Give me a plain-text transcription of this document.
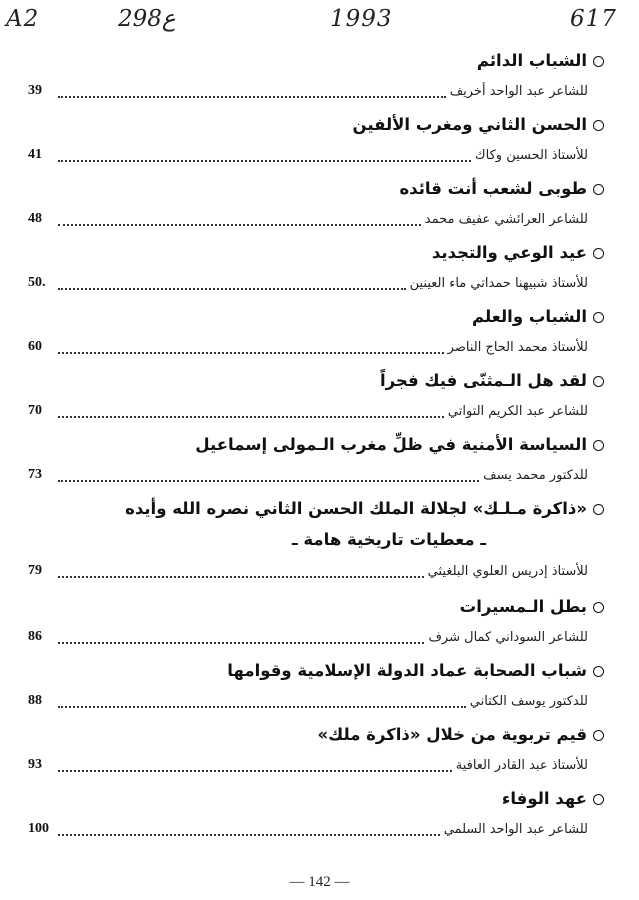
A2	298ع	1993	617
الشباب الدائم
للشاعر عبد الواحد أخريف
39
الحسن الثاني ومغرب الألفين
للأستاذ الحسين وكاك
41
طوبى لشعب أنت قائده
للشاعر العرائشي عفيف محمد
48
عيد الوعي والتجديد
للأستاذ شبيهنا حمداتي ماء العينين
50.
الشباب والعلم
للأستاذ محمد الحاج الناصر
60
لقد هل الـمثنّى فيك فجراً
للشاعر عبد الكريم التواتي
70
السياسة الأمنية في ظلِّ مغرب الـمولى إسماعيل
للدكتور محمد يسف
73
«ذاكرة مـلـك» لجلالة الملك الحسن الثاني نصره الله وأيده
ـ معطيات تاريخية هامة ـ
للأستاذ إدريس العلوي البلغيثي
79
بطل الـمسيرات
للشاعر السوداني كمال شرف
86
شباب الصحابة عماد الدولة الإسلامية وقوامها
للدكتور يوسف الكتاني
88
قيم تربوية من خلال «ذاكرة ملك»
للأستاذ عبد القادر العافية
93
عهد الوفاء
للشاعر عبد الواحد السلمي
100
— 142 —
